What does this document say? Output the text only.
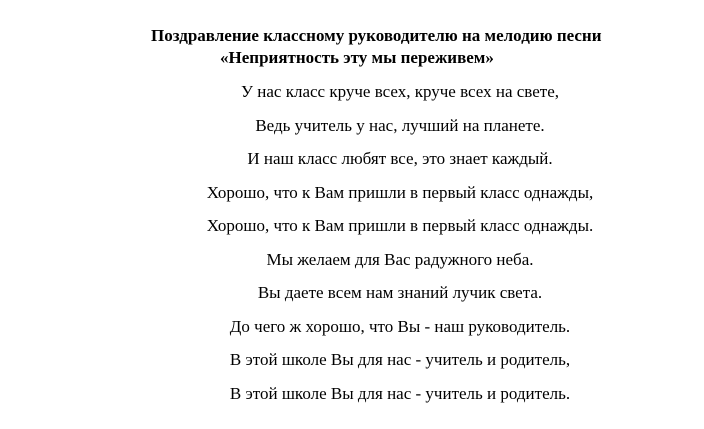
Поздравление классному руководителю на мелодию песни
«Неприятность эту мы переживем»
У нас класс круче всех, круче всех на свете,
Ведь учитель у нас, лучший на планете.
И наш класс любят все, это знает каждый.
Хорошо, что к Вам пришли в первый класс однажды,
Хорошо, что к Вам пришли в первый класс однажды.
Мы желаем для Вас радужного неба.
Вы даете всем нам знаний лучик света.
До чего ж хорошо, что Вы - наш руководитель.
В этой школе Вы для нас - учитель и родитель,
В этой школе Вы для нас - учитель и родитель.
